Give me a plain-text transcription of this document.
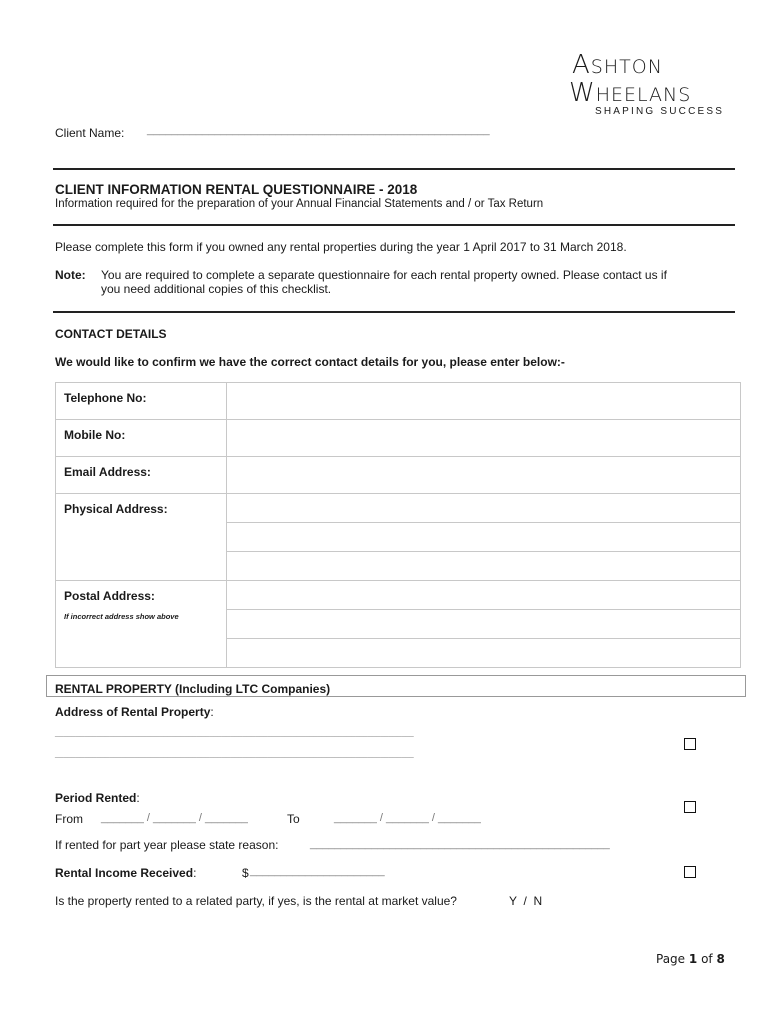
ASHTON
WHEELANS
SHAPING SUCCESS
Client Name: ________________________________________________________
CLIENT INFORMATION RENTAL QUESTIONNAIRE - 2018
Information required for the preparation of your Annual Financial Statements and / or Tax Return
Please complete this form if you owned any rental properties during the year 1 April 2017 to 31 March 2018.
Note: You are required to complete a separate questionnaire for each rental property owned. Please contact us if
you need additional copies of this checklist.
CONTACT DETAILS
We would like to confirm we have the correct contact details for you, please enter below:-
Telephone No:	
Mobile No:	
Email Address:	
Physical Address:	

Postal Address:
If incorrect address show above	

RENTAL PROPERTY (Including LTC Companies)
Address of Rental Property:
______________________________________________________________________________________
______________________________________________________________________________________
Period Rented:
From _______ / _______ / _______	To	_______ / _______ / _______
If rented for part year please state reason:	_________________________________________________
Rental Income Received:	$ ______________________
Is the property rented to a related party, if yes, is the rental at market value?	Y  /  N
Page 1 of 8
